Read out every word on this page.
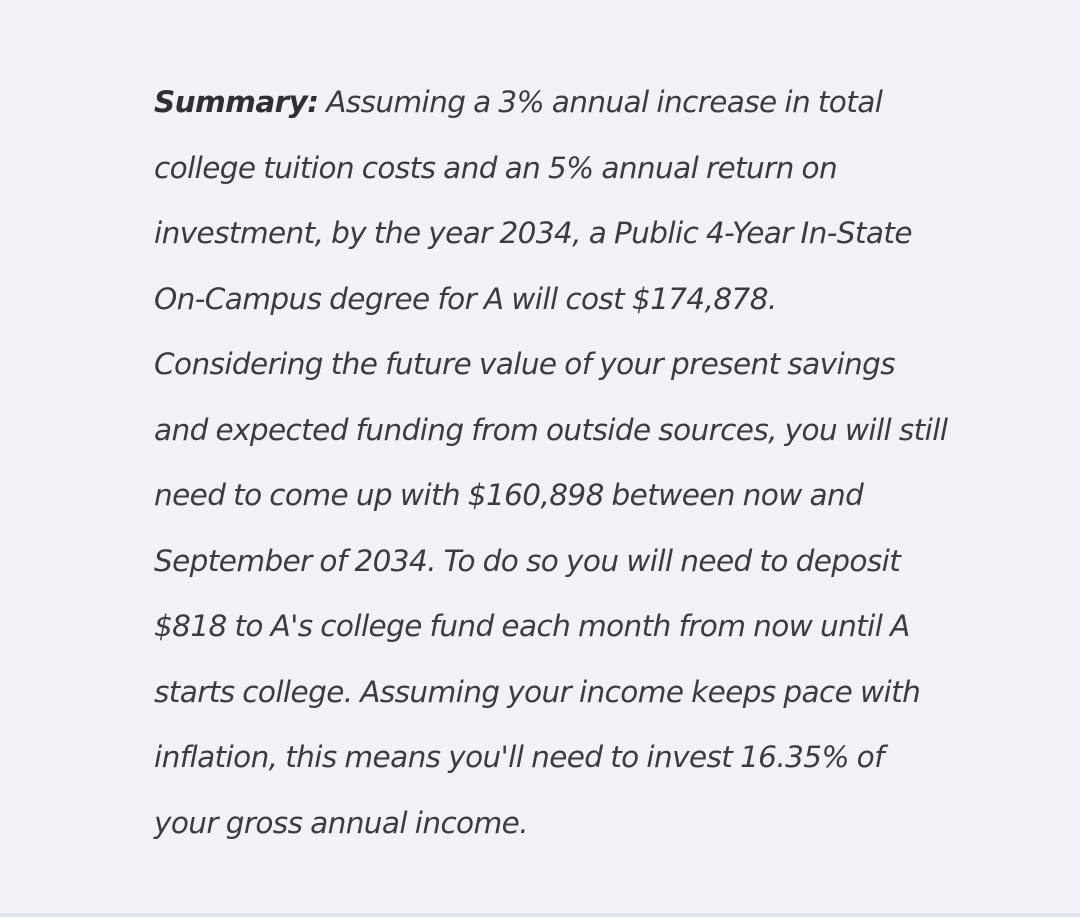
Summary: Assuming a 3% annual increase in total
college tuition costs and an 5% annual return on
investment, by the year 2034, a Public 4-Year In-State
On-Campus degree for A will cost $174,878.
Considering the future value of your present savings
and expected funding from outside sources, you will still
need to come up with $160,898 between now and
September of 2034. To do so you will need to deposit
$818 to A's college fund each month from now until A
starts college. Assuming your income keeps pace with
inflation, this means you'll need to invest 16.35% of
your gross annual income.
